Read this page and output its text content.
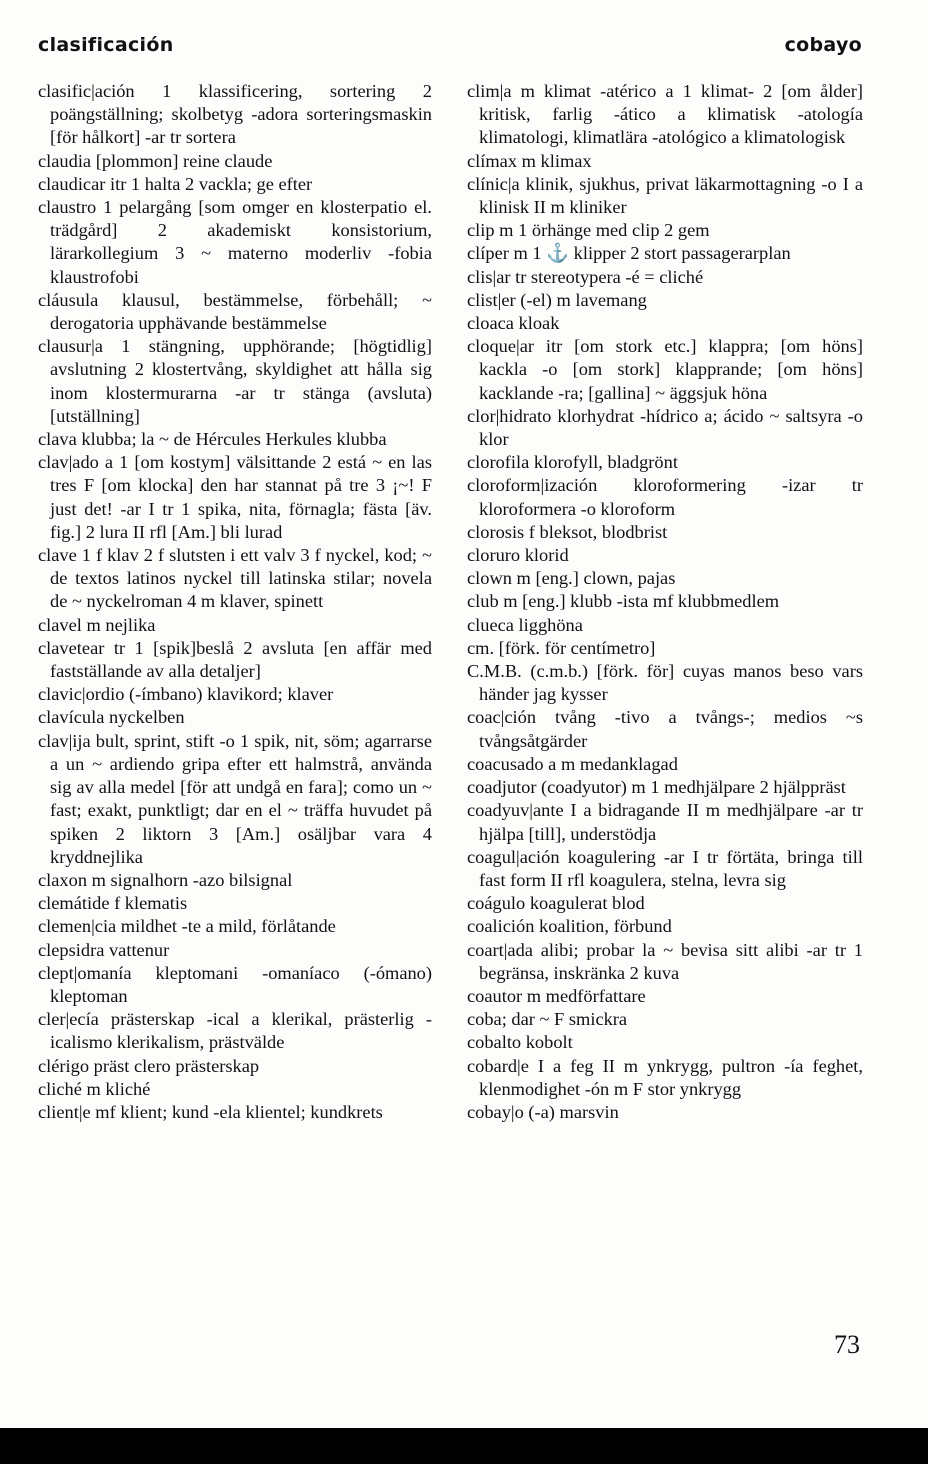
clasificación	cobayo

clasific|ación 1 klassificering, sortering 2 poängställning; skolbetyg -adora sorteringsmaskin [för hålkort] -ar tr sortera

claudia [plommon] reine claude

claudicar itr 1 halta 2 vackla; ge efter

claustro 1 pelargång [som omger en klosterpatio el. trädgård] 2 akademiskt konsistorium, lärarkollegium 3 ~ materno moderliv -fobia klaustrofobi

cláusula klausul, bestämmelse, förbehåll; ~ derogatoria upphävande bestämmelse

clausur|a 1 stängning, upphörande; [högtidlig] avslutning 2 klostertvång, skyldighet att hålla sig inom klostermurarna -ar tr stänga (avsluta) [utställning]

clava klubba; la ~ de Hércules Herkules klubba

clav|ado a 1 [om kostym] välsittande 2 está ~ en las tres F [om klocka] den har stannat på tre 3 ¡~! F just det! -ar I tr 1 spika, nita, förnagla; fästa [äv. fig.] 2 lura II rfl [Am.] bli lurad

clave 1 f klav 2 f slutsten i ett valv 3 f nyckel, kod; ~ de textos latinos nyckel till latinska stilar; novela de ~ nyckelroman 4 m klaver, spinett

clavel m nejlika

clavetear tr 1 [spik]beslå 2 avsluta [en affär med fastställande av alla detaljer]

clavic|ordio (-ímbano) klavikord; klaver

clavícula nyckelben

clav|ija bult, sprint, stift -o 1 spik, nit, söm; agarrarse a un ~ ardiendo gripa efter ett halmstrå, använda sig av alla medel [för att undgå en fara]; como un ~ fast; exakt, punktligt; dar en el ~ träffa huvudet på spiken 2 liktorn 3 [Am.] osäljbar vara 4 kryddnejlika

claxon m signalhorn -azo bilsignal

clemátide f klematis

clemen|cia mildhet -te a mild, förlåtande

clepsidra vattenur

clept|omanía kleptomani -omaníaco (-ómano) kleptoman

cler|ecía prästerskap -ical a klerikal, prästerlig -icalismo klerikalism, prästvälde

clérigo präst clero prästerskap

cliché m kliché

client|e mf klient; kund -ela klientel; kundkrets

clim|a m klimat -atérico a 1 klimat- 2 [om ålder] kritisk, farlig -ático a klimatisk -atología klimatologi, klimatlära -atológico a klimatologisk

clímax m klimax

clínic|a klinik, sjukhus, privat läkarmottagning -o I a klinisk II m kliniker

clip m 1 örhänge med clip 2 gem

clíper m 1 ⚓ klipper 2 stort passagerarplan

clis|ar tr stereotypera -é = cliché

clist|er (-el) m lavemang

cloaca kloak

cloque|ar itr [om stork etc.] klappra; [om höns] kackla -o [om stork] klapprande; [om höns] kacklande -ra; [gallina] ~ äggsjuk höna

clor|hidrato klorhydrat -hídrico a; ácido ~ saltsyra -o klor

clorofila klorofyll, bladgrönt

cloroform|ización kloroformering -izar tr kloroformera -o kloroform

clorosis f bleksot, blodbrist

cloruro klorid

clown m [eng.] clown, pajas

club m [eng.] klubb -ista mf klubbmedlem

clueca ligghöna

cm. [förk. för centímetro]

C.M.B. (c.m.b.) [förk. för] cuyas manos beso vars händer jag kysser

coac|ción tvång -tivo a tvångs-; medios ~s tvångsåtgärder

coacusado a m medanklagad

coadjutor (coadyutor) m 1 medhjälpare 2 hjälppräst

coadyuv|ante I a bidragande II m medhjälpare -ar tr hjälpa [till], understödja

coagul|ación koagulering -ar I tr förtäta, bringa till fast form II rfl koagulera, stelna, levra sig

coágulo koagulerat blod

coalición koalition, förbund

coart|ada alibi; probar la ~ bevisa sitt alibi -ar tr 1 begränsa, inskränka 2 kuva

coautor m medförfattare

coba; dar ~ F smickra

cobalto kobolt

cobard|e I a feg II m ynkrygg, pultron -ía feghet, klenmodighet -ón m F stor ynkrygg

cobay|o (-a) marsvin

73
